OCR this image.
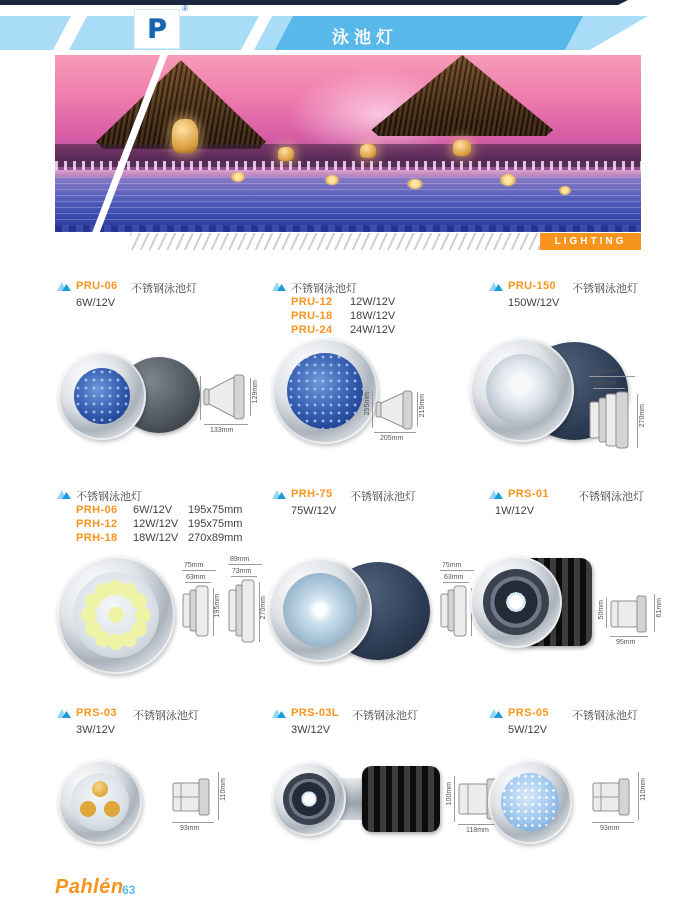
P
®
泳池灯
LIGHTING
PRU-06 不锈钢泳池灯
6W/12V
160mm	129mm
133mm
不锈钢泳池灯
PRU-12 12W/12V
PRU-18 18W/12V
PRU-24 24W/12V
255mm	215mm
205mm
PRU-150 不锈钢泳池灯
150W/12V
100mm
82mm
270mm
不锈钢泳池灯
PRH-06 6W/12V 195x75mm
PRH-12 12W/12V 195x75mm
PRH-18 18W/12V 270x89mm
75mm
63mm
195mm
89mm
73mm
270mm
PRH-75 不锈钢泳池灯
75W/12V
75mm
63mm
PRS-01	不锈钢泳池灯
1W/12V
50mm	61mm
95mm
PRS-03 不锈钢泳池灯
3W/12V
110mm
93mm
PRS-03L 不锈钢泳池灯
3W/12V
100mm
118mm
PRS-05 不锈钢泳池灯
5W/12V
110mm
93mm
Pahlén
63
